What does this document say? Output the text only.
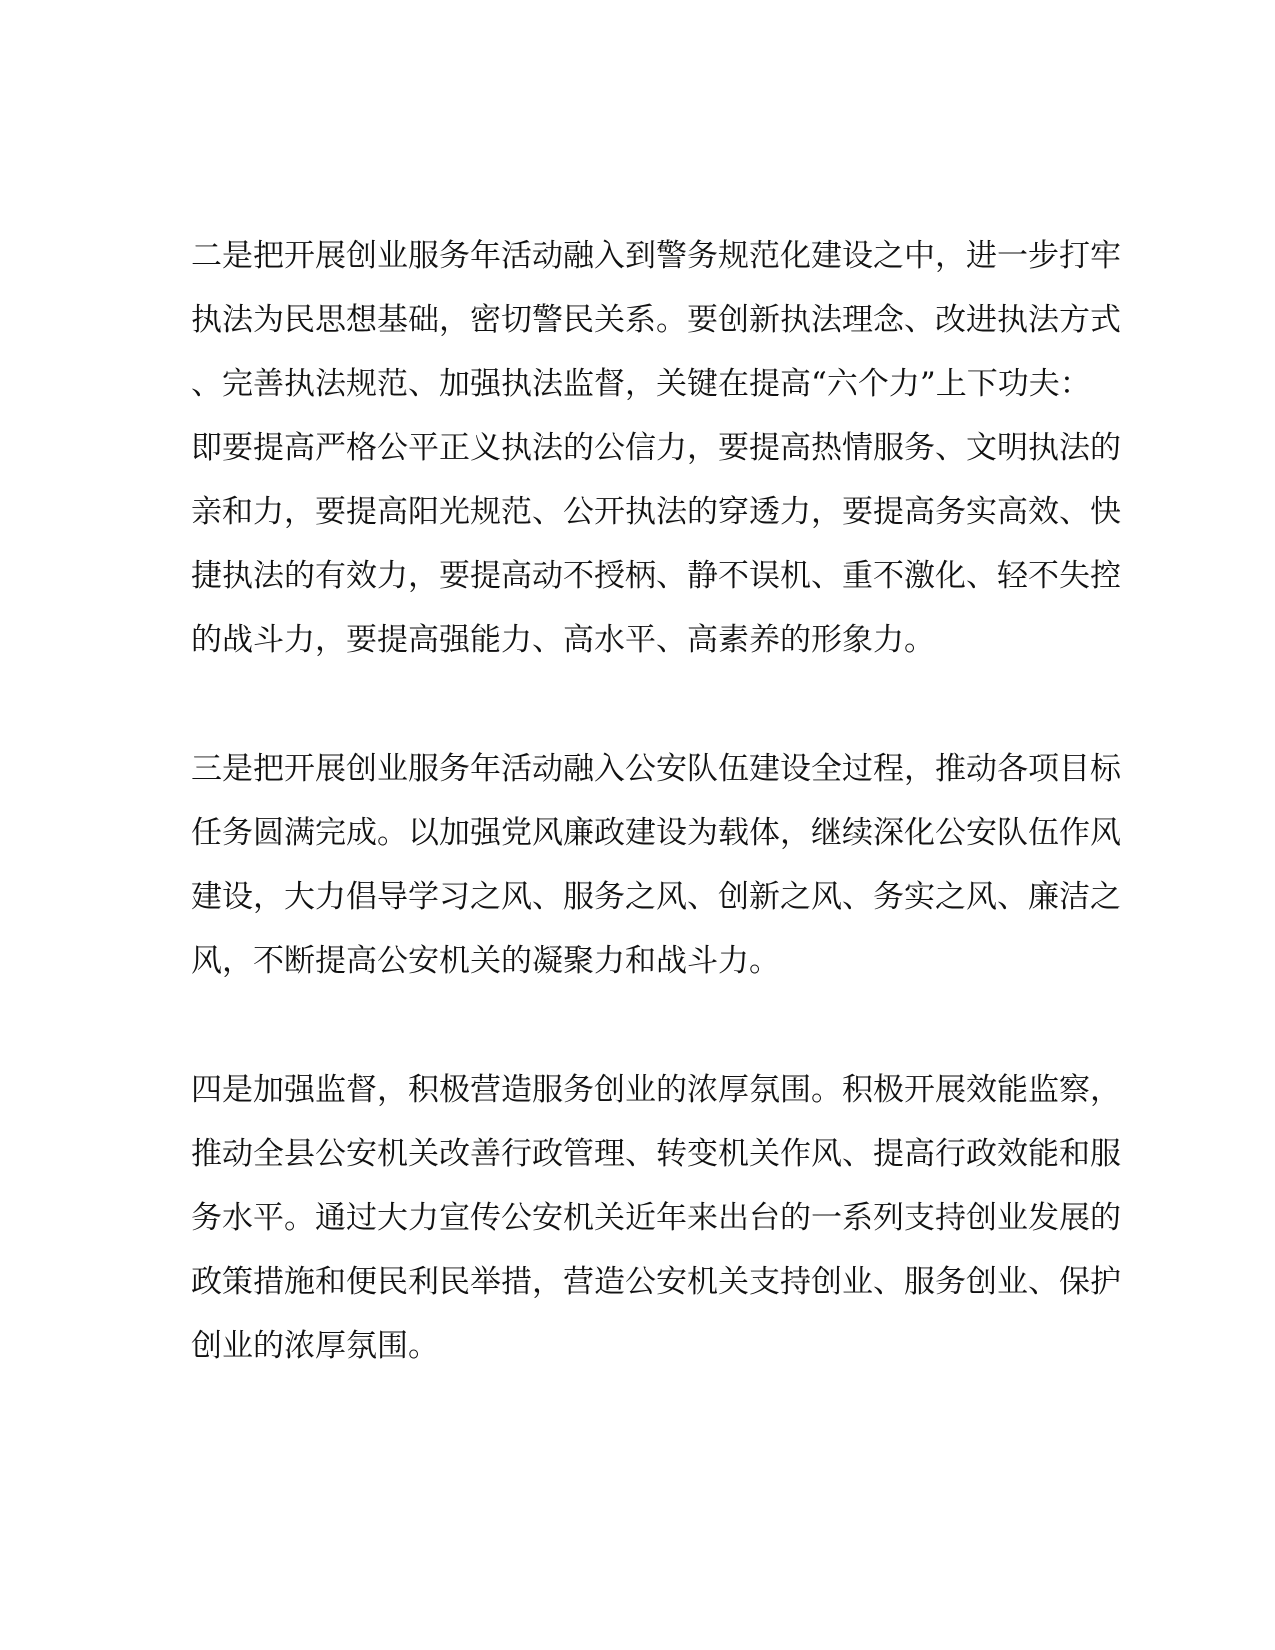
二是把开展创业服务年活动融入到警务规范化建设之中，进一步打牢
执法为民思想基础，密切警民关系。要创新执法理念、改进执法方式
、完善执法规范、加强执法监督，关键在提高“六个力”上下功夫：
即要提高严格公平正义执法的公信力，要提高热情服务、文明执法的
亲和力，要提高阳光规范、公开执法的穿透力，要提高务实高效、快
捷执法的有效力，要提高动不授柄、静不误机、重不激化、轻不失控
的战斗力，要提高强能力、高水平、高素养的形象力。
三是把开展创业服务年活动融入公安队伍建设全过程，推动各项目标
任务圆满完成。以加强党风廉政建设为载体，继续深化公安队伍作风
建设，大力倡导学习之风、服务之风、创新之风、务实之风、廉洁之
风，不断提高公安机关的凝聚力和战斗力。
四是加强监督，积极营造服务创业的浓厚氛围。积极开展效能监察，
推动全县公安机关改善行政管理、转变机关作风、提高行政效能和服
务水平。通过大力宣传公安机关近年来出台的一系列支持创业发展的
政策措施和便民利民举措，营造公安机关支持创业、服务创业、保护
创业的浓厚氛围。
